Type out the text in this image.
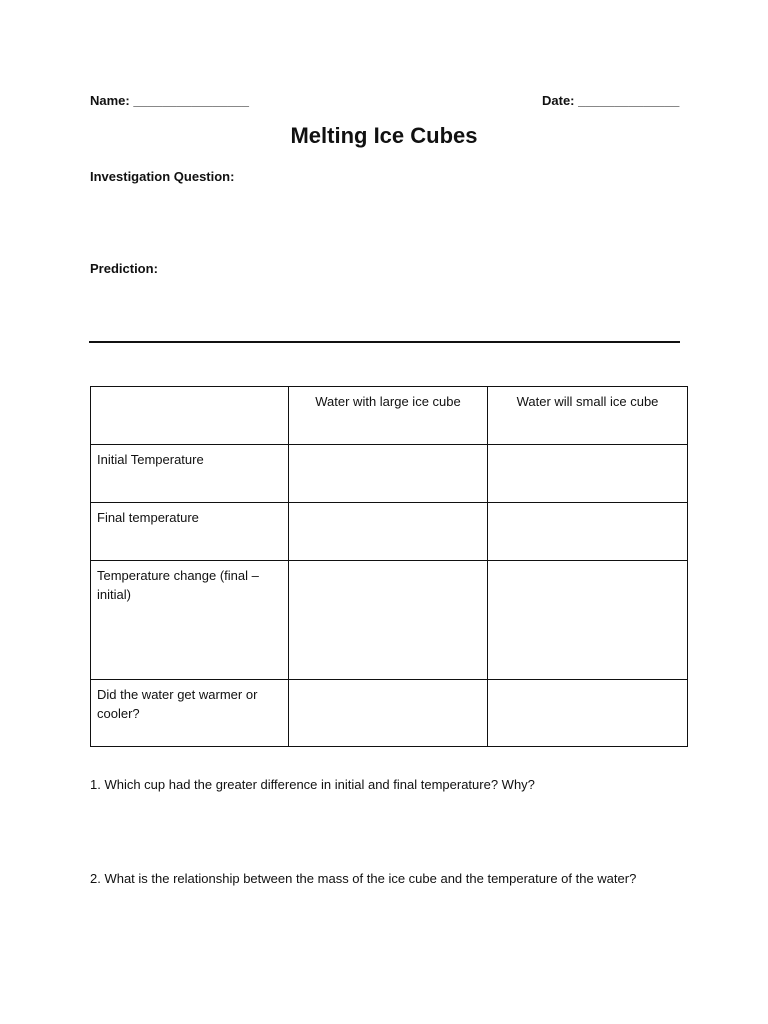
Name: ________________	Date: ______________
Melting Ice Cubes
Investigation Question:
Prediction:
	Water with large ice cube	Water will small ice cube
Initial Temperature		
Final temperature		
Temperature change (final – initial)		
Did the water get warmer or cooler?		
1. Which cup had the greater difference in initial and final temperature? Why?
2. What is the relationship between the mass of the ice cube and the temperature of the water?
